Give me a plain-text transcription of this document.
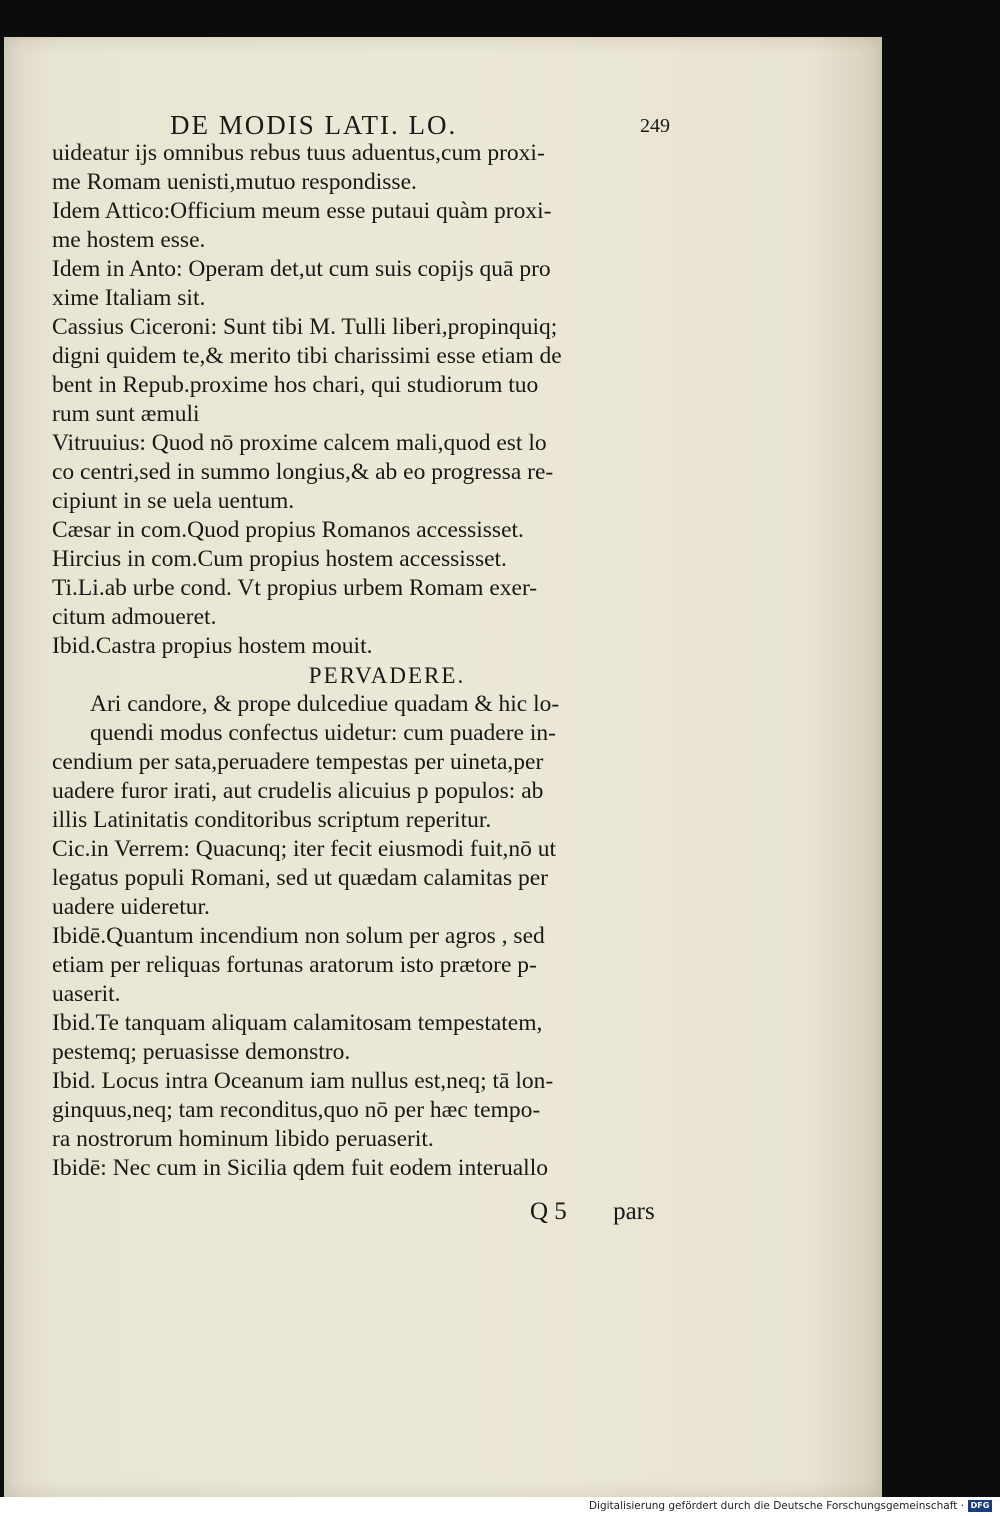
DE MODIS LATI. LO.	249
uideatur ijs omnibus rebus tuus aduentus,cum proxi-
me Romam uenisti,mutuo respondisse.
Idem Attico:Officium meum esse putaui quàm proxi-
me hostem esse.
Idem in Anto: Operam det,ut cum suis copijs quā pro
xime Italiam sit.
Cassius Ciceroni: Sunt tibi M. Tulli liberi,propinquiq;
digni quidem te,& merito tibi charissimi esse etiam de
bent in Repub.proxime hos chari, qui studiorum tuo
rum sunt æmuli
Vitruuius: Quod nō proxime calcem mali,quod est lo
co centri,sed in summo longius,& ab eo progressa re-
cipiunt in se uela uentum.
Cæsar in com.Quod propius Romanos accessisset.
Hircius in com.Cum propius hostem accessisset.
Ti.Li.ab urbe cond. Vt propius urbem Romam exer-
citum admoueret.
Ibid.Castra propius hostem mouit.
PERVADERE.
Ari candore, & prope dulcediue quadam & hic lo-
quendi modus confectus uidetur: cum puadere in-
cendium per sata,peruadere tempestas per uineta,per
uadere furor irati, aut crudelis alicuius p populos: ab
illis Latinitatis conditoribus scriptum reperitur.
Cic.in Verrem: Quacunq; iter fecit eiusmodi fuit,nō ut
legatus populi Romani, sed ut quædam calamitas per
uadere uideretur.
Ibidē.Quantum incendium non solum per agros , sed
etiam per reliquas fortunas aratorum isto prætore p-
uaserit.
Ibid.Te tanquam aliquam calamitosam tempestatem,
pestemq; peruasisse demonstro.
Ibid. Locus intra Oceanum iam nullus est,neq; tā lon-
ginquus,neq; tam reconditus,quo nō per hæc tempo-
ra nostrorum hominum libido peruaserit.
Ibidē: Nec cum in Sicilia qdem fuit eodem interuallo
Q 5 pars
Digitalisierung gefördert durch die Deutsche Forschungsgemeinschaft · DFG
